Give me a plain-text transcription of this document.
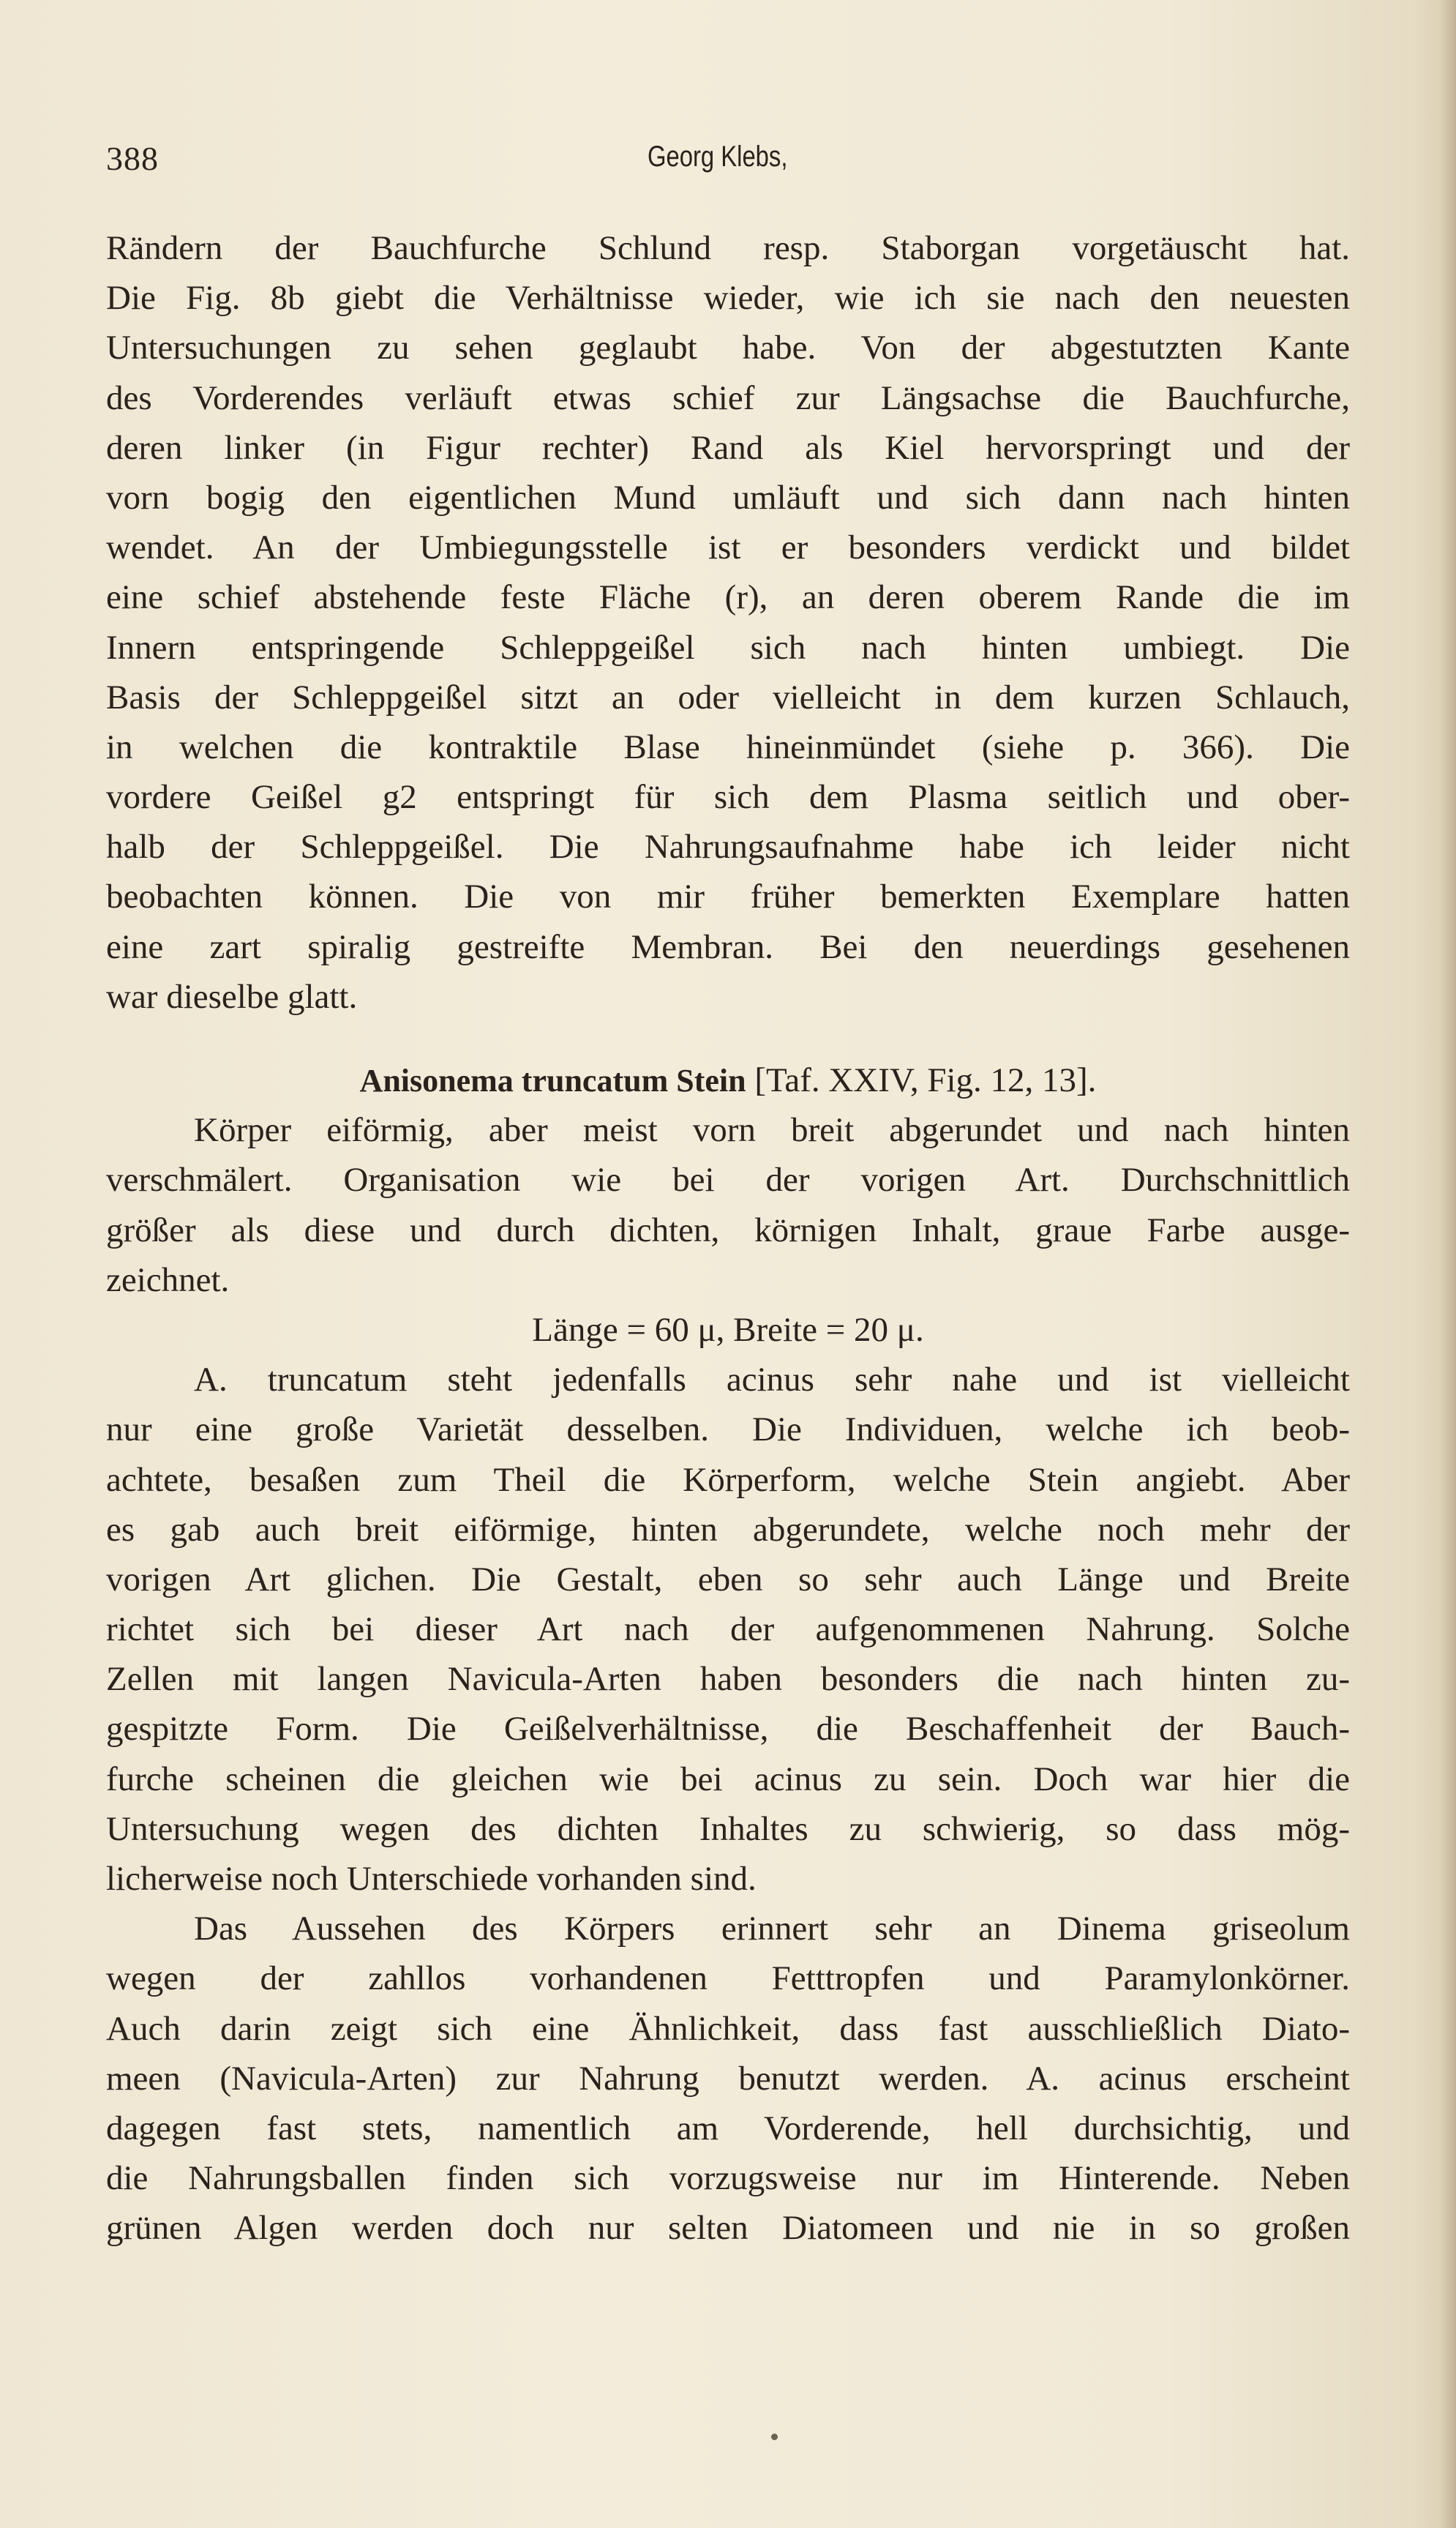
388	Georg Klebs,
Rändern der Bauchfurche Schlund resp. Staborgan vorgetäuscht hat.
Die Fig. 8b giebt die Verhältnisse wieder, wie ich sie nach den neuesten
Untersuchungen zu sehen geglaubt habe. Von der abgestutzten Kante
des Vorderendes verläuft etwas schief zur Längsachse die Bauchfurche,
deren linker (in Figur rechter) Rand als Kiel hervorspringt und der
vorn bogig den eigentlichen Mund umläuft und sich dann nach hinten
wendet. An der Umbiegungsstelle ist er besonders verdickt und bildet
eine schief abstehende feste Fläche (r), an deren oberem Rande die im
Innern entspringende Schleppgeißel sich nach hinten umbiegt. Die
Basis der Schleppgeißel sitzt an oder vielleicht in dem kurzen Schlauch,
in welchen die kontraktile Blase hineinmündet (siehe p. 366). Die
vordere Geißel g2 entspringt für sich dem Plasma seitlich und ober-
halb der Schleppgeißel. Die Nahrungsaufnahme habe ich leider nicht
beobachten können. Die von mir früher bemerkten Exemplare hatten
eine zart spiralig gestreifte Membran. Bei den neuerdings gesehenen
war dieselbe glatt.
Anisonema truncatum Stein [Taf. XXIV, Fig. 12, 13].
Körper eiförmig, aber meist vorn breit abgerundet und nach hinten
verschmälert. Organisation wie bei der vorigen Art. Durchschnittlich
größer als diese und durch dichten, körnigen Inhalt, graue Farbe ausge-
zeichnet.
Länge = 60 μ, Breite = 20 μ.
A. truncatum steht jedenfalls acinus sehr nahe und ist vielleicht
nur eine große Varietät desselben. Die Individuen, welche ich beob-
achtete, besaßen zum Theil die Körperform, welche Stein angiebt. Aber
es gab auch breit eiförmige, hinten abgerundete, welche noch mehr der
vorigen Art glichen. Die Gestalt, eben so sehr auch Länge und Breite
richtet sich bei dieser Art nach der aufgenommenen Nahrung. Solche
Zellen mit langen Navicula-Arten haben besonders die nach hinten zu-
gespitzte Form. Die Geißelverhältnisse, die Beschaffenheit der Bauch-
furche scheinen die gleichen wie bei acinus zu sein. Doch war hier die
Untersuchung wegen des dichten Inhaltes zu schwierig, so dass mög-
licherweise noch Unterschiede vorhanden sind.
Das Aussehen des Körpers erinnert sehr an Dinema griseolum
wegen der zahllos vorhandenen Fetttropfen und Paramylonkörner.
Auch darin zeigt sich eine Ähnlichkeit, dass fast ausschließlich Diato-
meen (Navicula-Arten) zur Nahrung benutzt werden. A. acinus erscheint
dagegen fast stets, namentlich am Vorderende, hell durchsichtig, und
die Nahrungsballen finden sich vorzugsweise nur im Hinterende. Neben
grünen Algen werden doch nur selten Diatomeen und nie in so großen
